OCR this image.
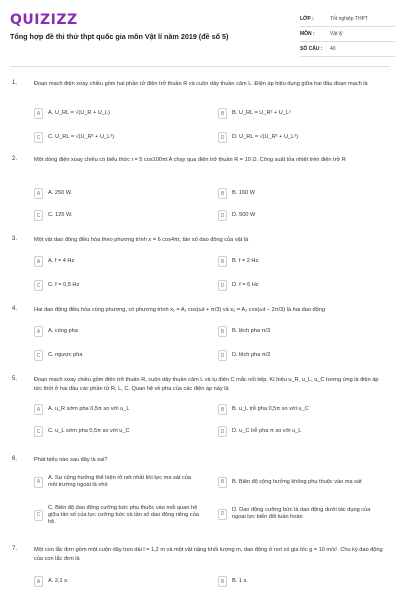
QUIZIZZ
Tổng hợp đề thi thử thpt quốc gia môn Vật lí năm 2019 (đề số 5)
LỚP :	Tốt nghiệp THPT
MÔN :	Vật lý
SỐ CÂU :	40
1.	Đoạn mạch điện xoay chiều gồm hai phần tử điện trở thuần R và cuộn dây thuần cảm L. Điện áp hiệu dụng giữa hai đầu đoạn mạch là
A	A. U_RL = √(U_R + U_L)	B	B. U_RL = U_R² + U_L²
C	C. U_RL = √(U_R² + U_L²)	D	D. U_RL = √(U_R² + U_L²)
2.	Một dòng điện xoay chiều có biểu thức i = 5 cos100πt A chạy qua điện trở thuần R = 10 Ω. Công suất tỏa nhiệt trên điện trở R
A	A. 250 W.	B	B. 160 W
C	C. 125 W.	D	D. 500 W
3.	Một vật dao động điều hòa theo phương trình x = 6 cos4πt, tần số dao động của vật là
A	A. f = 4 Hz	B	B. f = 2 Hz.
C	C. f = 0,5 Hz	D	D. f = 6 Hz
4.	Hai dao động điều hòa cùng phương, có phương trình x₁ = A₁ cos(ωt + π/3) và x₂ = A₂ cos(ωt − 2π/3) là hai dao động
A	A. cùng pha	B	B. lệch pha π/3
C	C. ngược pha	D	D. lệch pha π/2
5.	Đoạn mạch xoay chiều gồm điện trở thuần R, cuộn dây thuần cảm L và tụ điện C mắc nối tiếp. Kí hiệu u_R, u_L, u_C tương ứng là điện áp tức thời ở hai đầu các phần tử R, L, C. Quan hệ về pha của các điện áp này là
A	A. u_R sớm pha 0,5π so với u_L	B	B. u_L trễ pha 0,5π so với u_C
C	C. u_L sớm pha 0,5π so với u_C	D	D. u_C trễ pha π so với u_L
6.	Phát biểu nào sau đây là sai?
A
A. Sự cộng hưởng thể hiện rõ nét nhất khi lực ma sát của môi trường ngoài là nhỏ	B	B. Biên độ cộng hưởng không phụ thuộc vào ma sát
C
C. Biên độ dao động cưỡng bức phụ thuộc vào mối quan hệ giữa tần số của lực cưỡng bức và tần số dao động riêng của hệ.
D
D. Dao động cưỡng bức là dao động dưới tác dụng của ngoại lực biến đổi tuần hoàn
7.	Một con lắc đơn gồm một cuộn dây treo dài l = 1,2 m và một vật nặng khối lượng m, dao động ở nơi có gia tốc g = 10 m/s². Chu kỳ dao động của con lắc đơn là
A	A. 2,1 s.	B	B. 1 s.
